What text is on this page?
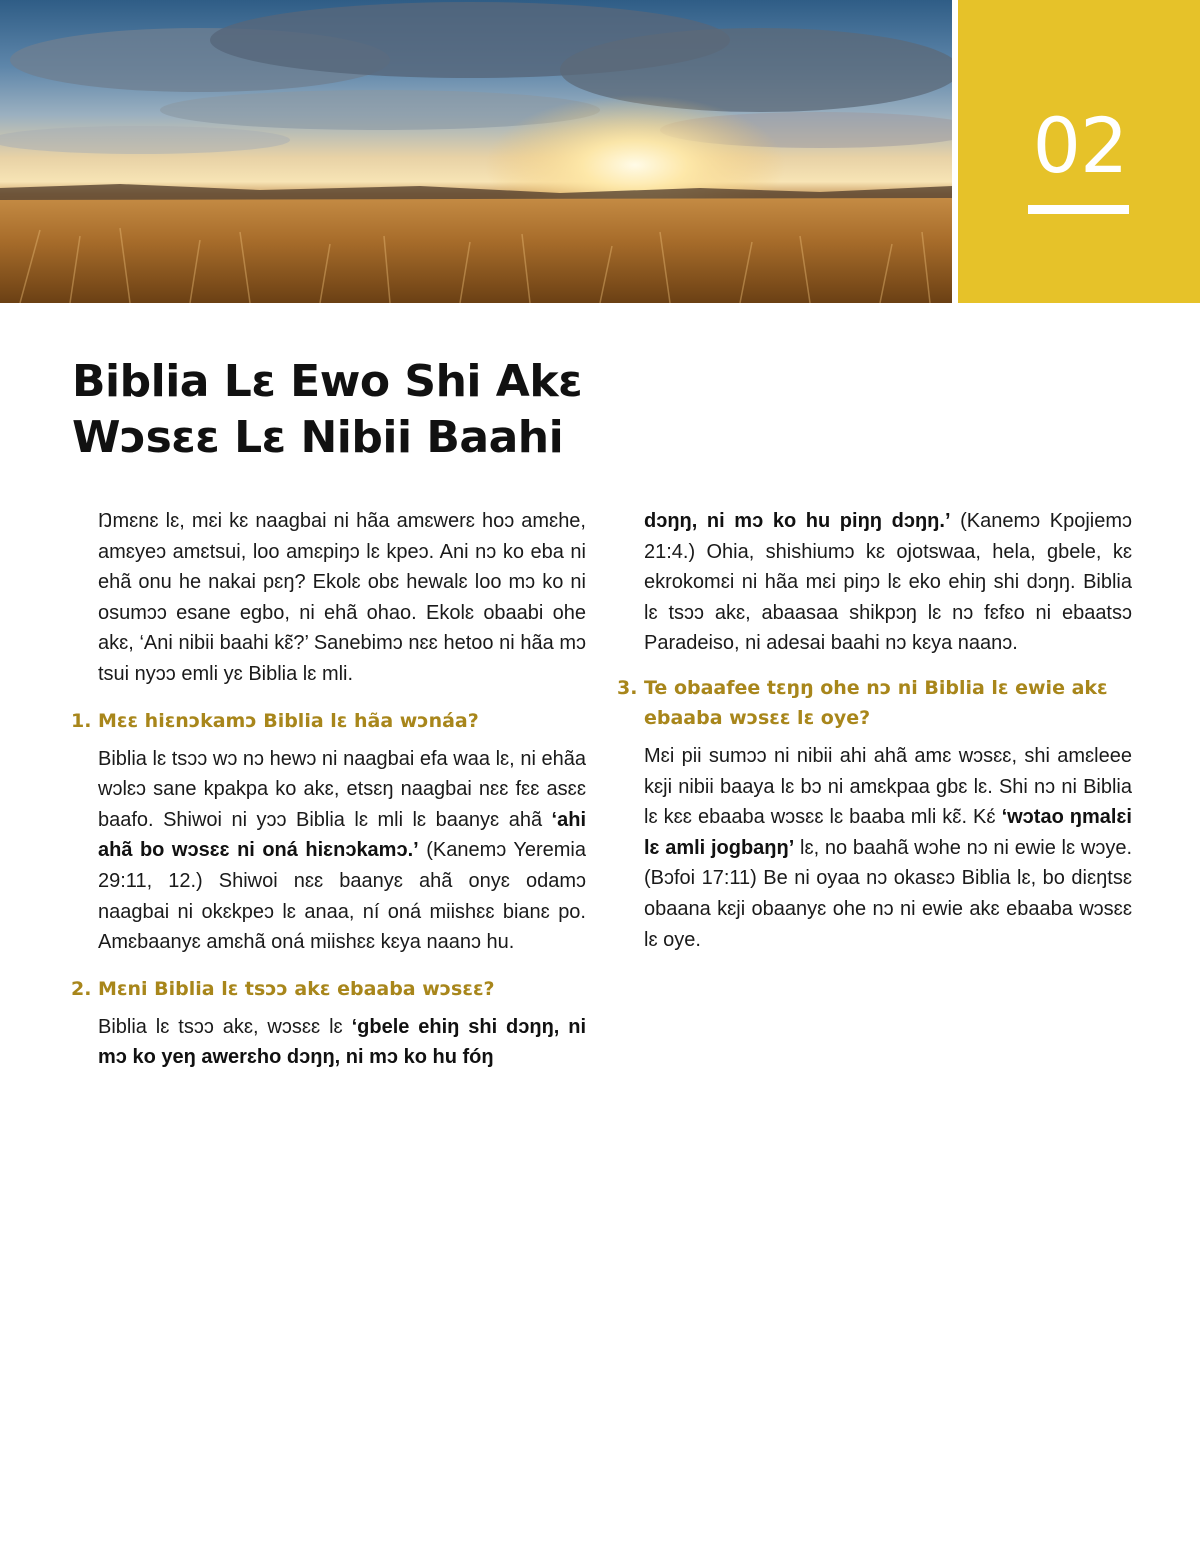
02
Biblia Lɛ Ewo Shi Akɛ
Wɔsɛɛ Lɛ Nibii Baahi

Ŋmɛnɛ lɛ, mɛi kɛ naagbai ni hãa amɛwerɛ hoɔ amɛhe, amɛyeɔ amɛtsui, loo amɛpiŋɔ lɛ kpeɔ. Ani nɔ ko eba ni ehã onu he nakai pɛŋ? Ekolɛ obɛ hewalɛ loo mɔ ko ni osumɔɔ esane egbo, ni ehã ohao. Ekolɛ obaabi ohe akɛ, ‘Ani nibii baahi kɛ̃?’ Sanebimɔ nɛɛ hetoo ni hãa mɔ tsui nyɔɔ emli yɛ Biblia lɛ mli.

1. Mɛɛ hiɛnɔkamɔ Biblia lɛ hãa wɔnáa?

Biblia lɛ tsɔɔ wɔ nɔ hewɔ ni naagbai efa waa lɛ, ni ehãa wɔlɛɔ sane kpakpa ko akɛ, etsɛŋ naagbai nɛɛ fɛɛ asɛɛ baafo. Shiwoi ni yɔɔ Biblia lɛ mli lɛ baanyɛ ahã ‘ahi ahã bo wɔsɛɛ ni oná hiɛnɔkamɔ.’ (Kanemɔ Yeremia 29:11, 12.) Shiwoi nɛɛ baanyɛ ahã onyɛ odamɔ naagbai ni okɛkpeɔ lɛ anaa, ní oná miishɛɛ bianɛ po. Amɛbaanyɛ amɛhã oná miishɛɛ kɛya naanɔ hu.

2. Mɛni Biblia lɛ tsɔɔ akɛ ebaaba wɔsɛɛ?

Biblia lɛ tsɔɔ akɛ, wɔsɛɛ lɛ ‘gbele ehiŋ shi dɔŋŋ, ni mɔ ko yeŋ awerɛho dɔŋŋ, ni mɔ ko hu fóŋ

dɔŋŋ, ni mɔ ko hu piŋŋ dɔŋŋ.’ (Kanemɔ Kpojiemɔ 21:4.) Ohia, shishiumɔ kɛ ojotswaa, hela, gbele, kɛ ekrokomɛi ni hãa mɛi piŋɔ lɛ eko ehiŋ shi dɔŋŋ. Biblia lɛ tsɔɔ akɛ, abaasaa shikpɔŋ lɛ nɔ fɛfɛo ni ebaatsɔ Paradeiso, ni adesai baahi nɔ kɛya naanɔ.

3. Te obaafee tɛŋŋ ohe nɔ ni Biblia lɛ ewie akɛ ebaaba wɔsɛɛ lɛ oye?

Mɛi pii sumɔɔ ni nibii ahi ahã amɛ wɔsɛɛ, shi amɛleee kɛji nibii baaya lɛ bɔ ni amɛkpaa gbɛ lɛ. Shi nɔ ni Biblia lɛ kɛɛ ebaaba wɔsɛɛ lɛ baaba mli kɛ̃. Kɛ́ ‘wɔtao ŋmalɛi lɛ amli jogbaŋŋ’ lɛ, no baahã wɔhe nɔ ni ewie lɛ wɔye. (Bɔfoi 17:11) Be ni oyaa nɔ okasɛɔ Biblia lɛ, bo diɛŋtsɛ obaana kɛji obaanyɛ ohe nɔ ni ewie akɛ ebaaba wɔsɛɛ lɛ oye.
